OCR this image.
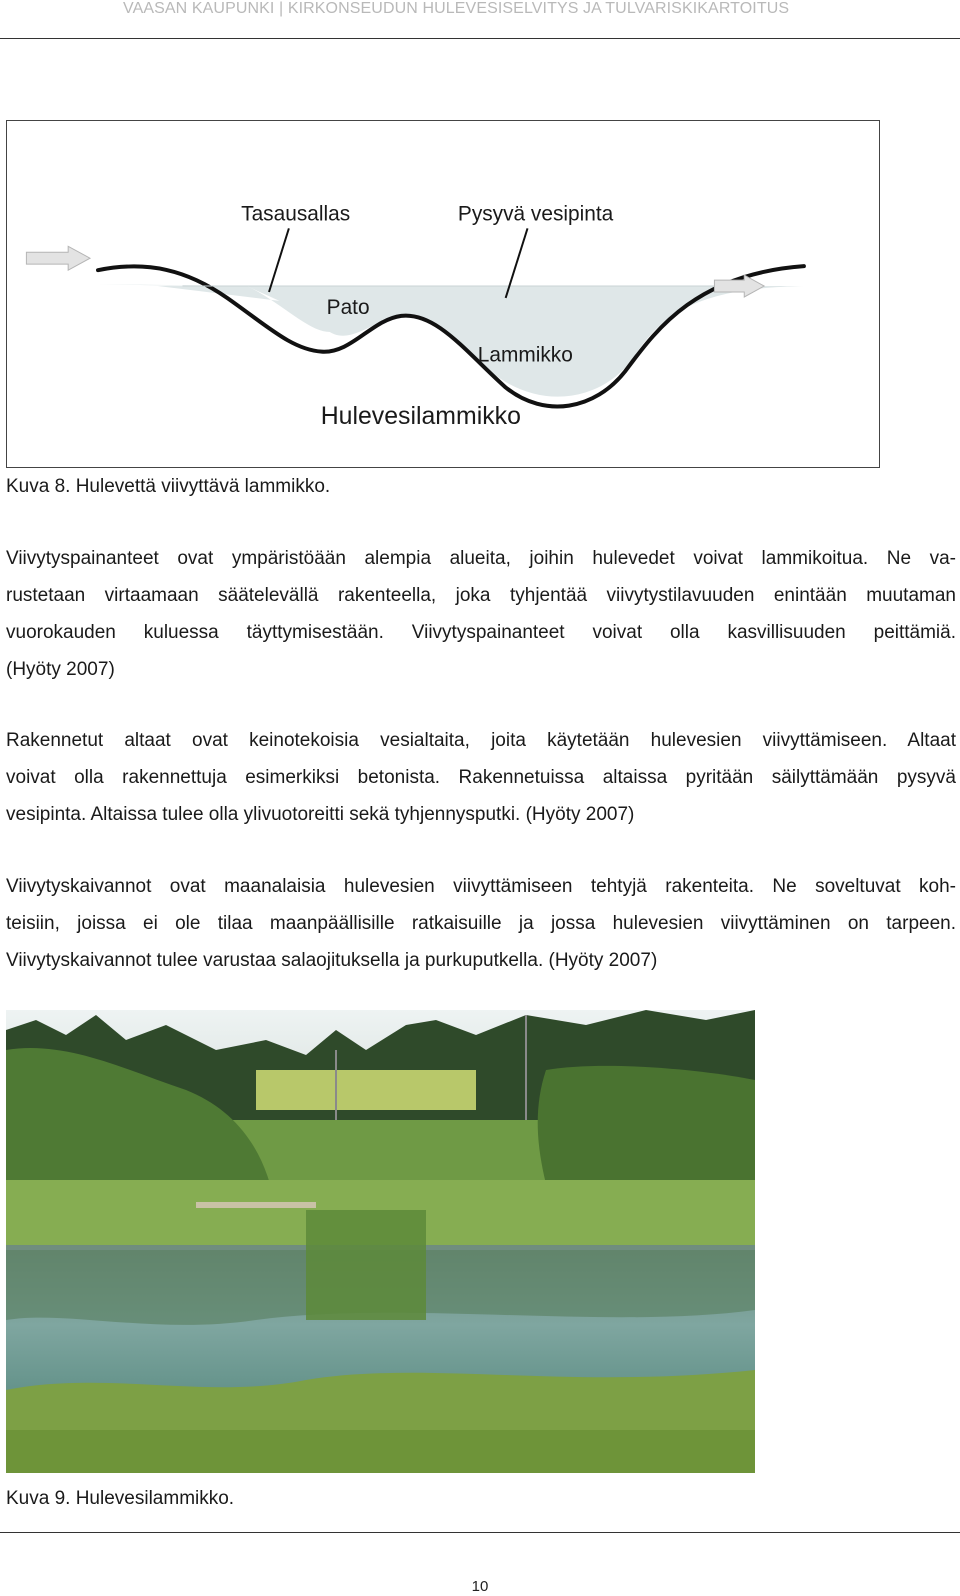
VAASAN KAUPUNKI | KIRKONSEUDUN HULEVESISELVITYS JA TULVARISKIKARTOITUS
Tasausallas	Pysyvä vesipinta
Pato
Lammikko
Hulevesilammikko
Kuva 8. Hulevettä viivyttävä lammikko.
Viivytyspainanteet ovat ympäristöään alempia alueita, joihin hulevedet voivat lammikoitua. Ne va-
rustetaan virtaamaan säätelevällä rakenteella, joka tyhjentää viivytystilavuuden enintään muutaman
vuorokauden kuluessa täyttymisestään. Viivytyspainanteet voivat olla kasvillisuuden peittämiä.
(Hyöty 2007)
Rakennetut altaat ovat keinotekoisia vesialtaita, joita käytetään hulevesien viivyttämiseen. Altaat
voivat olla rakennettuja esimerkiksi betonista. Rakennetuissa altaissa pyritään säilyttämään pysyvä
vesipinta. Altaissa tulee olla ylivuotoreitti sekä tyhjennysputki. (Hyöty 2007)
Viivytyskaivannot ovat maanalaisia hulevesien viivyttämiseen tehtyjä rakenteita. Ne soveltuvat koh-
teisiin, joissa ei ole tilaa maanpäällisille ratkaisuille ja jossa hulevesien viivyttäminen on tarpeen.
Viivytyskaivannot tulee varustaa salaojituksella ja purkuputkella. (Hyöty 2007)
Kuva 9. Hulevesilammikko.
10
